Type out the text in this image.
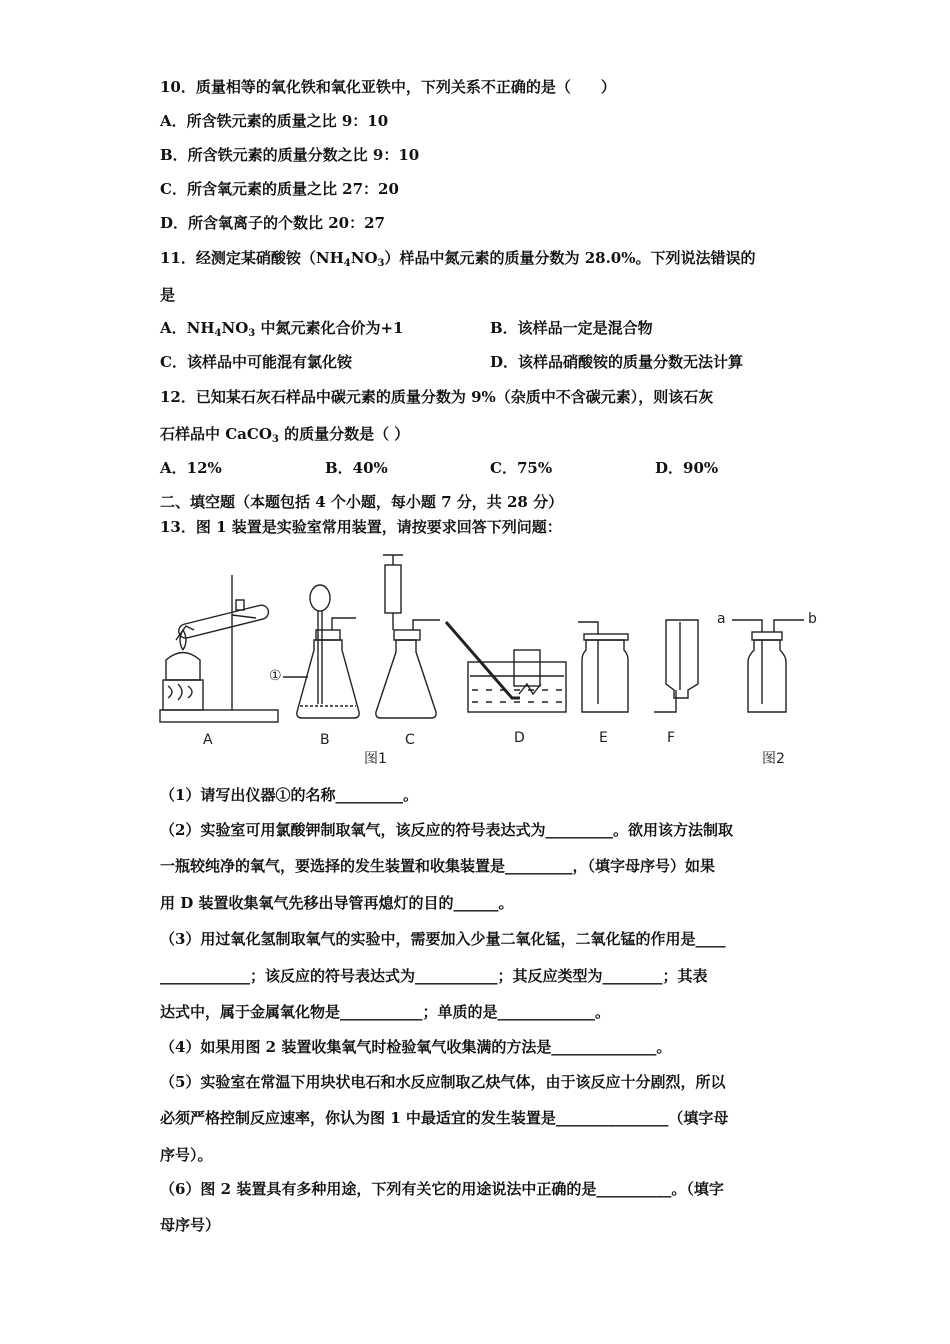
10．质量相等的氧化铁和氧化亚铁中，下列关系不正确的是（　　）
A．所含铁元素的质量之比 9：10
B．所含铁元素的质量分数之比 9：10
C．所含氧元素的质量之比 27：20
D．所含氧离子的个数比 20：27
11．经测定某硝酸铵$(NH_4NO_3)$样品中氮元素的质量分数为 28.0%。下列说法错误的
是
A．$NH_4NO_3$ 中氮元素化合价为+1	B．该样品一定是混合物
C．该样品中可能混有氯化铵	D．该样品硝酸铵的质量分数无法计算
12．已知某石灰石样品中碳元素的质量分数为 9%（杂质中不含碳元素），则该石灰
石样品中 CaCO$_3$ 的质量分数是（ ）
A．12%	B．40%	C．75%	D．90%
二、填空题（本题包括 4 个小题，每小题 7 分，共 28 分）
13．图 1 装置是实验室常用装置，请按要求回答下列问题：
A	B	C	D	E	F
①
图1	图2
a	b
（1）请写出仪器①的名称_________。
（2）实验室可用氯酸钾制取氧气，该反应的符号表达式为_________。欲用该方法制取
一瓶较纯净的氧气，要选择的发生装置和收集装置是_________，（填字母序号）如果
用 D 装置收集氧气先移出导管再熄灯的目的______。
（3）用过氧化氢制取氧气的实验中，需要加入少量二氧化锰，二氧化锰的作用是____
____________；该反应的符号表达式为___________；其反应类型为________；其表
达式中，属于金属氧化物是___________；单质的是_____________。
（4）如果用图 2 装置收集氧气时检验氧气收集满的方法是______________。
（5）实验室在常温下用块状电石和水反应制取乙炔气体，由于该反应十分剧烈，所以
必须严格控制反应速率，你认为图 1 中最适宜的发生装置是_______________（填字母
序号）。
（6）图 2 装置具有多种用途，下列有关它的用途说法中正确的是__________。（填字
母序号）
